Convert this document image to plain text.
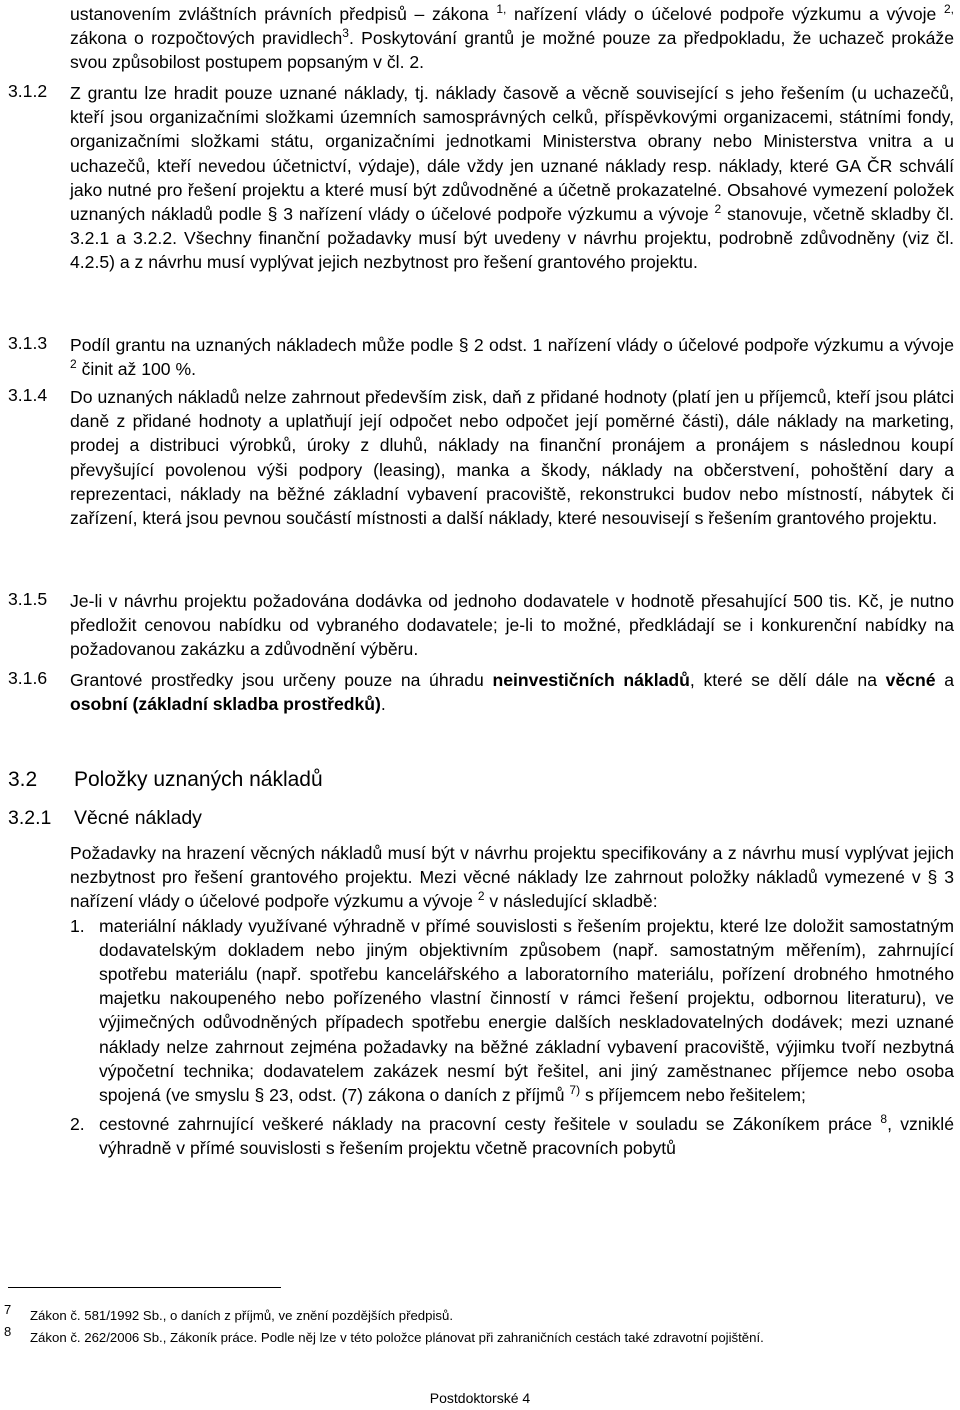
ustanovením zvláštních právních předpisů – zákona $^{1,}$ nařízení vlády o účelové podpoře výzkumu a vývoje $^{2,}$ zákona o rozpočtových pravidlech$^3$. Poskytování grantů je možné pouze za předpokladu, že uchazeč prokáže svou způsobilost postupem popsaným v čl. 2.

3.1.2 Z grantu lze hradit pouze uznané náklady, tj. náklady časově a věcně související s jeho řešením (u uchazečů, kteří jsou organizačními složkami územních samosprávných celků, příspěvkovými organizacemi, státními fondy, organizačními složkami státu, organizačními jednotkami Ministerstva obrany nebo Ministerstva vnitra a u uchazečů, kteří nevedou účetnictví, výdaje), dále vždy jen uznané náklady resp. náklady, které GA ČR schválí jako nutné pro řešení projektu a které musí být zdůvodněné a účetně prokazatelné. Obsahové vymezení položek uznaných nákladů podle § 3 nařízení vlády o účelové podpoře výzkumu a vývoje $^2$ stanovuje, včetně skladby čl. 3.2.1 a 3.2.2. Všechny finanční požadavky musí být uvedeny v návrhu projektu, podrobně zdůvodněny (viz čl. 4.2.5) a z návrhu musí vyplývat jejich nezbytnost pro řešení grantového projektu.

3.1.3 Podíl grantu na uznaných nákladech může podle § 2 odst. 1 nařízení vlády o účelové podpoře výzkumu a vývoje $^2$ činit až 100 %.

3.1.4 Do uznaných nákladů nelze zahrnout především zisk, daň z přidané hodnoty (platí jen u příjemců, kteří jsou plátci daně z přidané hodnoty a uplatňují její odpočet nebo odpočet její poměrné části), dále náklady na marketing, prodej a distribuci výrobků, úroky z dluhů, náklady na finanční pronájem a pronájem s následnou koupí převyšující povolenou výši podpory (leasing), manka a škody, náklady na občerstvení, pohoštění dary a reprezentaci, náklady na běžné základní vybavení pracoviště, rekonstrukci budov nebo místností, nábytek či zařízení, která jsou pevnou součástí místnosti a další náklady, které nesouvisejí s řešením grantového projektu.

3.1.5 Je-li v návrhu projektu požadována dodávka od jednoho dodavatele v hodnotě přesahující 500 tis. Kč, je nutno předložit cenovou nabídku od vybraného dodavatele; je-li to možné, předkládají se i konkurenční nabídky na požadovanou zakázku a zdůvodnění výběru.

3.1.6 Grantové prostředky jsou určeny pouze na úhradu neinvestičních nákladů, které se dělí dále na věcné a osobní (základní skladba prostředků).

3.2 Položky uznaných nákladů
3.2.1 Věcné náklady

Požadavky na hrazení věcných nákladů musí být v návrhu projektu specifikovány a z návrhu musí vyplývat jejich nezbytnost pro řešení grantového projektu. Mezi věcné náklady lze zahrnout položky nákladů vymezené v § 3 nařízení vlády o účelové podpoře výzkumu a vývoje $^2$ v následující skladbě:

1. materiální náklady využívané výhradně v přímé souvislosti s řešením projektu, které lze doložit samostatným dodavatelským dokladem nebo jiným objektivním způsobem (např. samostatným měřením), zahrnující spotřebu materiálu (např. spotřebu kancelářského a laboratorního materiálu, pořízení drobného hmotného majetku nakoupeného nebo pořízeného vlastní činností v rámci řešení projektu, odbornou literaturu), ve výjimečných odůvodněných případech spotřebu energie dalších neskladovatelných dodávek; mezi uznané náklady nelze zahrnout zejména požadavky na běžné základní vybavení pracoviště, výjimku tvoří nezbytná výpočetní technika; dodavatelem zakázek nesmí být řešitel, ani jiný zaměstnanec příjemce nebo osoba spojená (ve smyslu § 23, odst. (7) zákona o daních z příjmů $^{7)}$ s příjemcem nebo řešitelem;
2. cestovné zahrnující veškeré náklady na pracovní cesty řešitele v souladu se Zákoníkem práce $^8$, vzniklé výhradně v přímé souvislosti s řešením projektu včetně pracovních pobytů
7 Zákon č. 581/1992 Sb., o daních z příjmů, ve znění pozdějších předpisů.
8 Zákon č. 262/2006 Sb., Zákoník práce. Podle něj lze v této položce plánovat při zahraničních cestách také zdravotní pojištění.
Postdoktorské 4
